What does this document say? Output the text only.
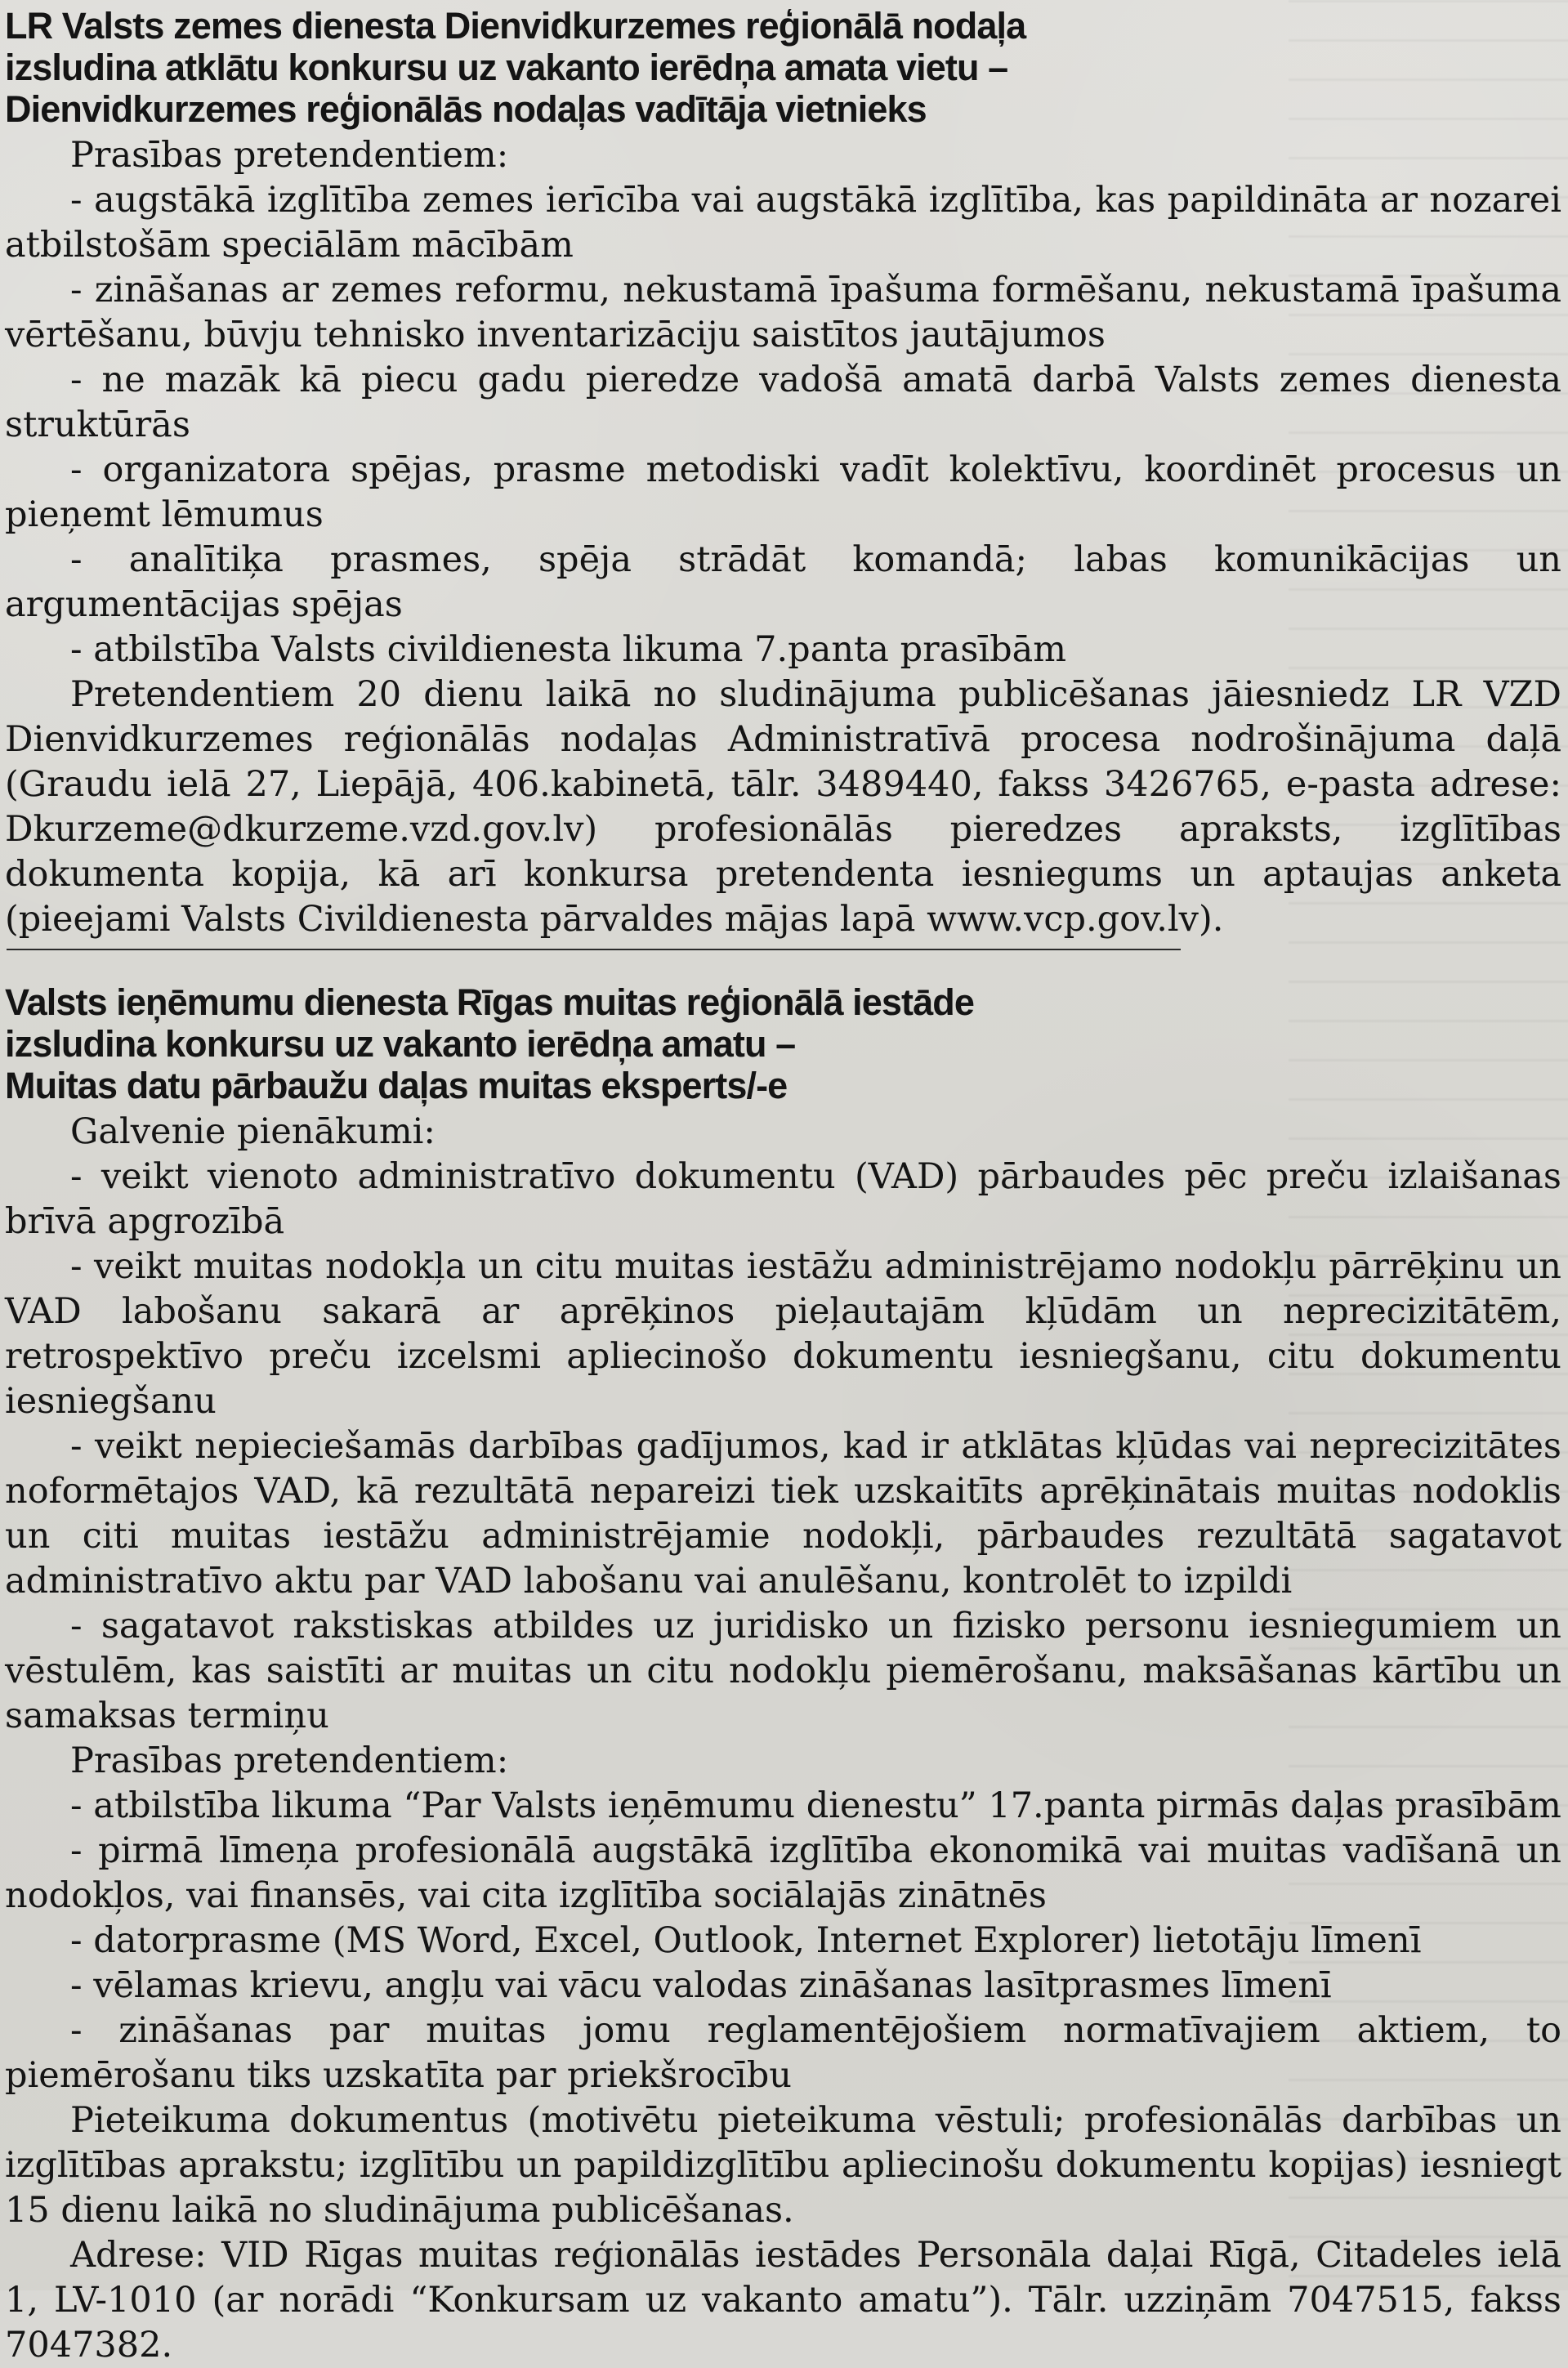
LR Valsts zemes dienesta Dienvidkurzemes reģionālā nodaļa
izsludina atklātu konkursu uz vakanto ierēdņa amata vietu –
Dienvidkurzemes reģionālās nodaļas vadītāja vietnieks

Prasības pretendentiem:

- augstākā izglītība zemes ierīcība vai augstākā izglītība, kas papildināta ar nozarei atbilstošām speciālām mācībām

- zināšanas ar zemes reformu, nekustamā īpašuma formēšanu, nekustamā īpašuma vērtēšanu, būvju tehnisko inventarizāciju saistītos jautājumos

- ne mazāk kā piecu gadu pieredze vadošā amatā darbā Valsts zemes dienesta struktūrās

- organizatora spējas, prasme metodiski vadīt kolektīvu, koordinēt procesus un pieņemt lēmumus

- analītiķa prasmes, spēja strādāt komandā; labas komunikācijas un argumentācijas spējas

- atbilstība Valsts civildienesta likuma 7.panta prasībām

Pretendentiem 20 dienu laikā no sludinājuma publicēšanas jāiesniedz LR VZD Dienvidkurzemes reģionālās nodaļas Administratīvā procesa nodrošinājuma daļā (Graudu ielā 27, Liepājā, 406.kabinetā, tālr. 3489440, fakss 3426765, e-pasta adrese: Dkurzeme@dkurzeme.vzd.gov.lv) profesionālās pieredzes apraksts, izglītības dokumenta kopija, kā arī konkursa pretendenta iesniegums un aptaujas anketa (pieejami Valsts Civildienesta pārvaldes mājas lapā www.vcp.gov.lv).

Valsts ieņēmumu dienesta Rīgas muitas reģionālā iestāde
izsludina konkursu uz vakanto ierēdņa amatu –
Muitas datu pārbaužu daļas muitas eksperts/-e

Galvenie pienākumi:

- veikt vienoto administratīvo dokumentu (VAD) pārbaudes pēc preču izlaišanas brīvā apgrozībā

- veikt muitas nodokļa un citu muitas iestāžu administrējamo nodokļu pārrēķinu un VAD labošanu sakarā ar aprēķinos pieļautajām kļūdām un neprecizitātēm, retrospektīvo preču izcelsmi apliecinošo dokumentu iesniegšanu, citu dokumentu iesniegšanu

- veikt nepieciešamās darbības gadījumos, kad ir atklātas kļūdas vai neprecizitātes noformētajos VAD, kā rezultātā nepareizi tiek uzskaitīts aprēķinātais muitas nodoklis un citi muitas iestāžu administrējamie nodokļi, pārbaudes rezultātā sagatavot administratīvo aktu par VAD labošanu vai anulēšanu, kontrolēt to izpildi

- sagatavot rakstiskas atbildes uz juridisko un fizisko personu iesniegumiem un vēstulēm, kas saistīti ar muitas un citu nodokļu piemērošanu, maksāšanas kārtību un samaksas termiņu

Prasības pretendentiem:

- atbilstība likuma “Par Valsts ieņēmumu dienestu” 17.panta pirmās daļas prasībām

- pirmā līmeņa profesionālā augstākā izglītība ekonomikā vai muitas vadīšanā un nodokļos, vai finansēs, vai cita izglītība sociālajās zinātnēs

- datorprasme (MS Word, Excel, Outlook, Internet Explorer) lietotāju līmenī

- vēlamas krievu, angļu vai vācu valodas zināšanas lasītprasmes līmenī

- zināšanas par muitas jomu reglamentējošiem normatīvajiem aktiem, to piemērošanu tiks uzskatīta par priekšrocību

Pieteikuma dokumentus (motivētu pieteikuma vēstuli; profesionālās darbības un izglītības aprakstu; izglītību un papildizglītību apliecinošu dokumentu kopijas) iesniegt 15 dienu laikā no sludinājuma publicēšanas.

Adrese: VID Rīgas muitas reģionālās iestādes Personāla daļai Rīgā, Citadeles ielā 1, LV-1010 (ar norādi “Konkursam uz vakanto amatu”). Tālr. uzziņām 7047515, fakss 7047382.
